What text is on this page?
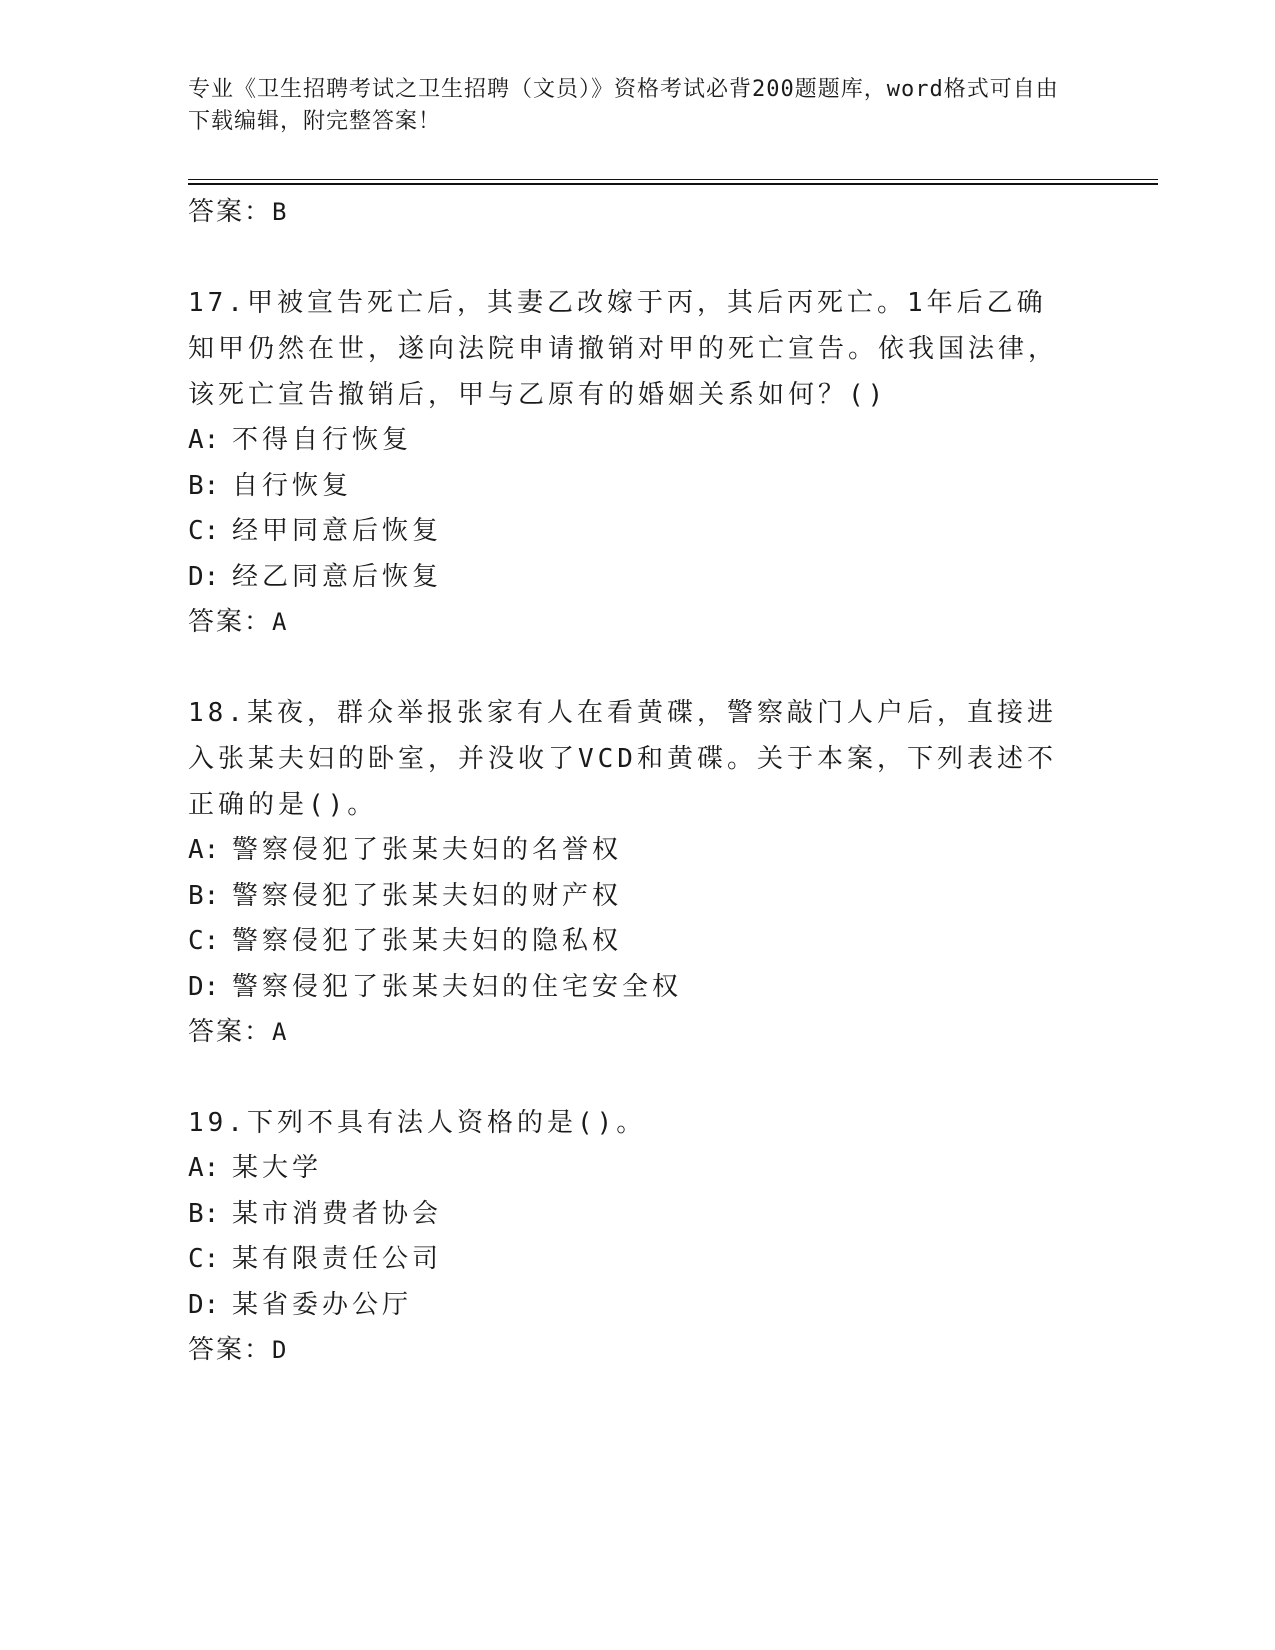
专业《卫生招聘考试之卫生招聘（文员）》资格考试必背200题题库，word格式可自由下载编辑，附完整答案！
答案：B

17.甲被宣告死亡后，其妻乙改嫁于丙，其后丙死亡。1年后乙确知甲仍然在世，遂向法院申请撤销对甲的死亡宣告。依我国法律，该死亡宣告撤销后，甲与乙原有的婚姻关系如何？()

A: 不得自行恢复

B: 自行恢复

C: 经甲同意后恢复

D: 经乙同意后恢复

答案：A

18.某夜，群众举报张家有人在看黄碟，警察敲门人户后，直接进入张某夫妇的卧室，并没收了VCD和黄碟。关于本案，下列表述不正确的是()。

A: 警察侵犯了张某夫妇的名誉权

B: 警察侵犯了张某夫妇的财产权

C: 警察侵犯了张某夫妇的隐私权

D: 警察侵犯了张某夫妇的住宅安全权

答案：A

19.下列不具有法人资格的是()。

A: 某大学

B: 某市消费者协会

C: 某有限责任公司

D: 某省委办公厅

答案：D
